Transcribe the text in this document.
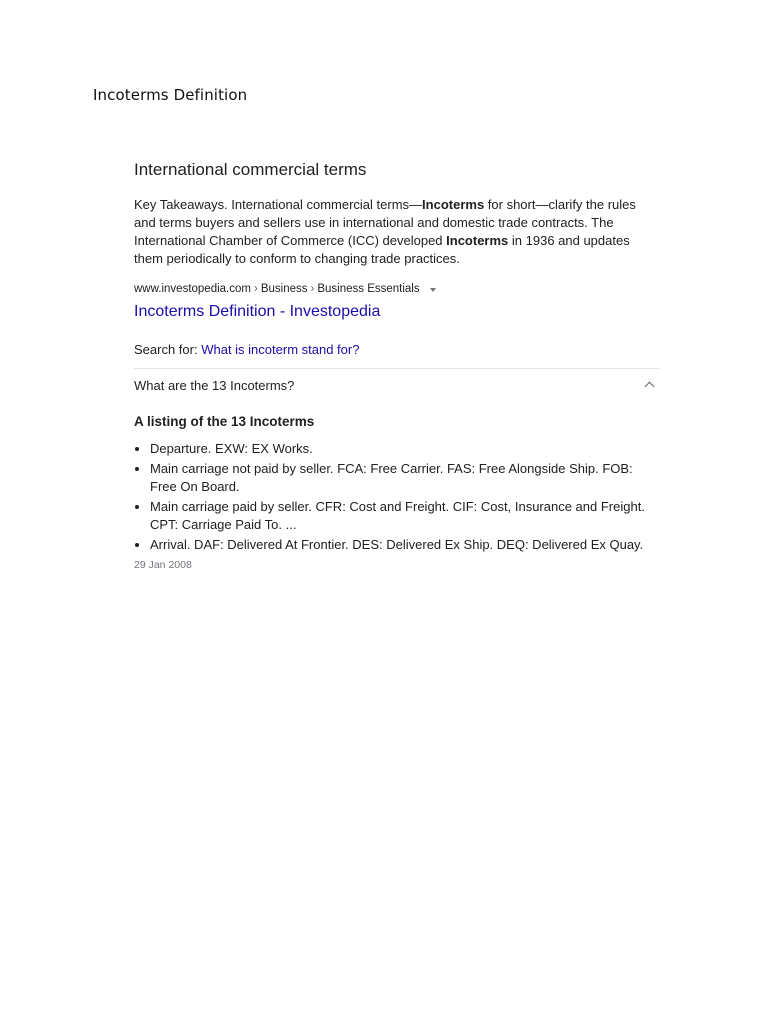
Incoterms Definition
International commercial terms

Key Takeaways. International commercial terms—Incoterms for short—clarify the rules and terms buyers and sellers use in international and domestic trade contracts. The International Chamber of Commerce (ICC) developed Incoterms in 1936 and updates them periodically to conform to changing trade practices.

www.investopedia.com › Business › Business Essentials
Incoterms Definition - Investopedia
Search for: What is incoterm stand for?
What are the 13 Incoterms?
A listing of the 13 Incoterms
• Departure. EXW: EX Works.
• Main carriage not paid by seller. FCA: Free Carrier. FAS: Free Alongside Ship. FOB: Free On Board.
• Main carriage paid by seller. CFR: Cost and Freight. CIF: Cost, Insurance and Freight. CPT: Carriage Paid To. ...
• Arrival. DAF: Delivered At Frontier. DES: Delivered Ex Ship. DEQ: Delivered Ex Quay.
29 Jan 2008
